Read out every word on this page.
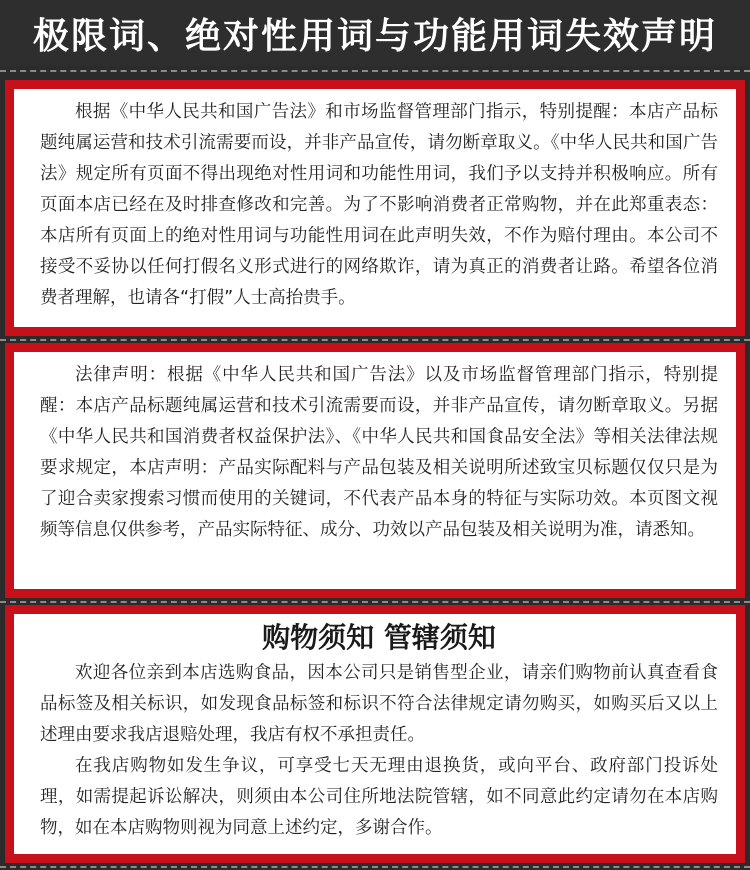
极限词、绝对性用词与功能用词失效声明

根据《中华人民共和国广告法》和市场监督管理部门指示，特别提醒：本店产品标题纯属运营和技术引流需要而设，并非产品宣传，请勿断章取义。《中华人民共和国广告法》规定所有页面不得出现绝对性用词和功能性用词，我们予以支持并积极响应。所有页面本店已经在及时排查修改和完善。为了不影响消费者正常购物，并在此郑重表态：本店所有页面上的绝对性用词与功能性用词在此声明失效，不作为赔付理由。本公司不接受不妥协以任何打假名义形式进行的网络欺诈，请为真正的消费者让路。希望各位消费者理解，也请各“打假”人士高抬贵手。

法律声明：根据《中华人民共和国广告法》以及市场监督管理部门指示，特别提醒：本店产品标题纯属运营和技术引流需要而设，并非产品宣传，请勿断章取义。另据《中华人民共和国消费者权益保护法》、《中华人民共和国食品安全法》等相关法律法规要求规定，本店声明：产品实际配料与产品包装及相关说明所述致宝贝标题仅仅只是为了迎合卖家搜索习惯而使用的关键词，不代表产品本身的特征与实际功效。本页图文视频等信息仅供参考，产品实际特征、成分、功效以产品包装及相关说明为准，请悉知。

购物须知 管辖须知

欢迎各位亲到本店选购食品，因本公司只是销售型企业，请亲们购物前认真查看食品标签及相关标识，如发现食品标签和标识不符合法律规定请勿购买，如购买后又以上述理由要求我店退赔处理，我店有权不承担责任。

在我店购物如发生争议，可享受七天无理由退换货，或向平台、政府部门投诉处理，如需提起诉讼解决，则须由本公司住所地法院管辖，如不同意此约定请勿在本店购物，如在本店购物则视为同意上述约定，多谢合作。
